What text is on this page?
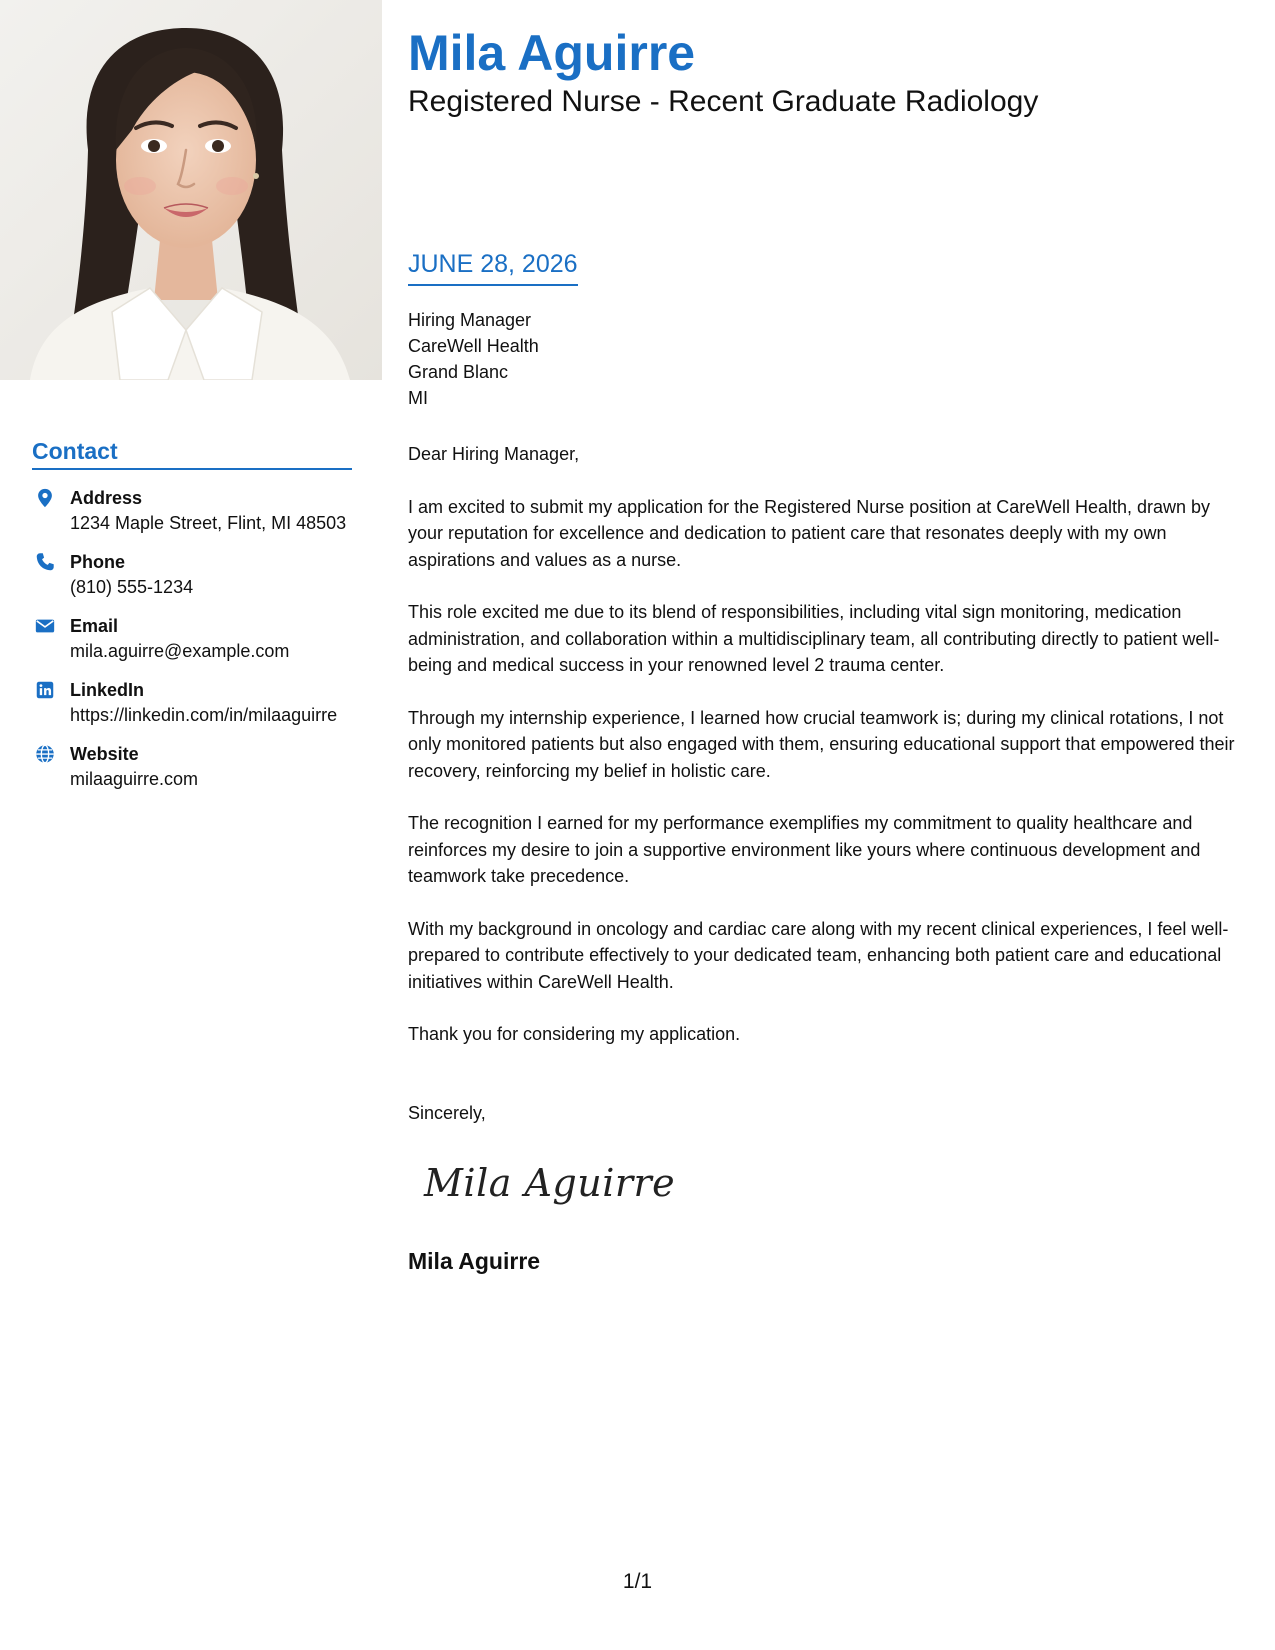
Contact
Address
1234 Maple Street, Flint, MI 48503
Phone
(810) 555-1234
Email
mila.aguirre@example.com
LinkedIn
https://linkedin.com/in/milaaguirre
Website
milaaguirre.com
Mila Aguirre
Registered Nurse - Recent Graduate Radiology
JUNE 28, 2026
Hiring Manager
CareWell Health
Grand Blanc
MI

Dear Hiring Manager,

I am excited to submit my application for the Registered Nurse position at CareWell Health, drawn by your reputation for excellence and dedication to patient care that resonates deeply with my own aspirations and values as a nurse.

This role excited me due to its blend of responsibilities, including vital sign monitoring, medication administration, and collaboration within a multidisciplinary team, all contributing directly to patient well-being and medical success in your renowned level 2 trauma center.

Through my internship experience, I learned how crucial teamwork is; during my clinical rotations, I not only monitored patients but also engaged with them, ensuring educational support that empowered their recovery, reinforcing my belief in holistic care.

The recognition I earned for my performance exemplifies my commitment to quality healthcare and reinforces my desire to join a supportive environment like yours where continuous development and teamwork take precedence.

With my background in oncology and cardiac care along with my recent clinical experiences, I feel well-prepared to contribute effectively to your dedicated team, enhancing both patient care and educational initiatives within CareWell Health.

Thank you for considering my application.

Sincerely,

Mila Aguirre
Mila Aguirre
1/1
